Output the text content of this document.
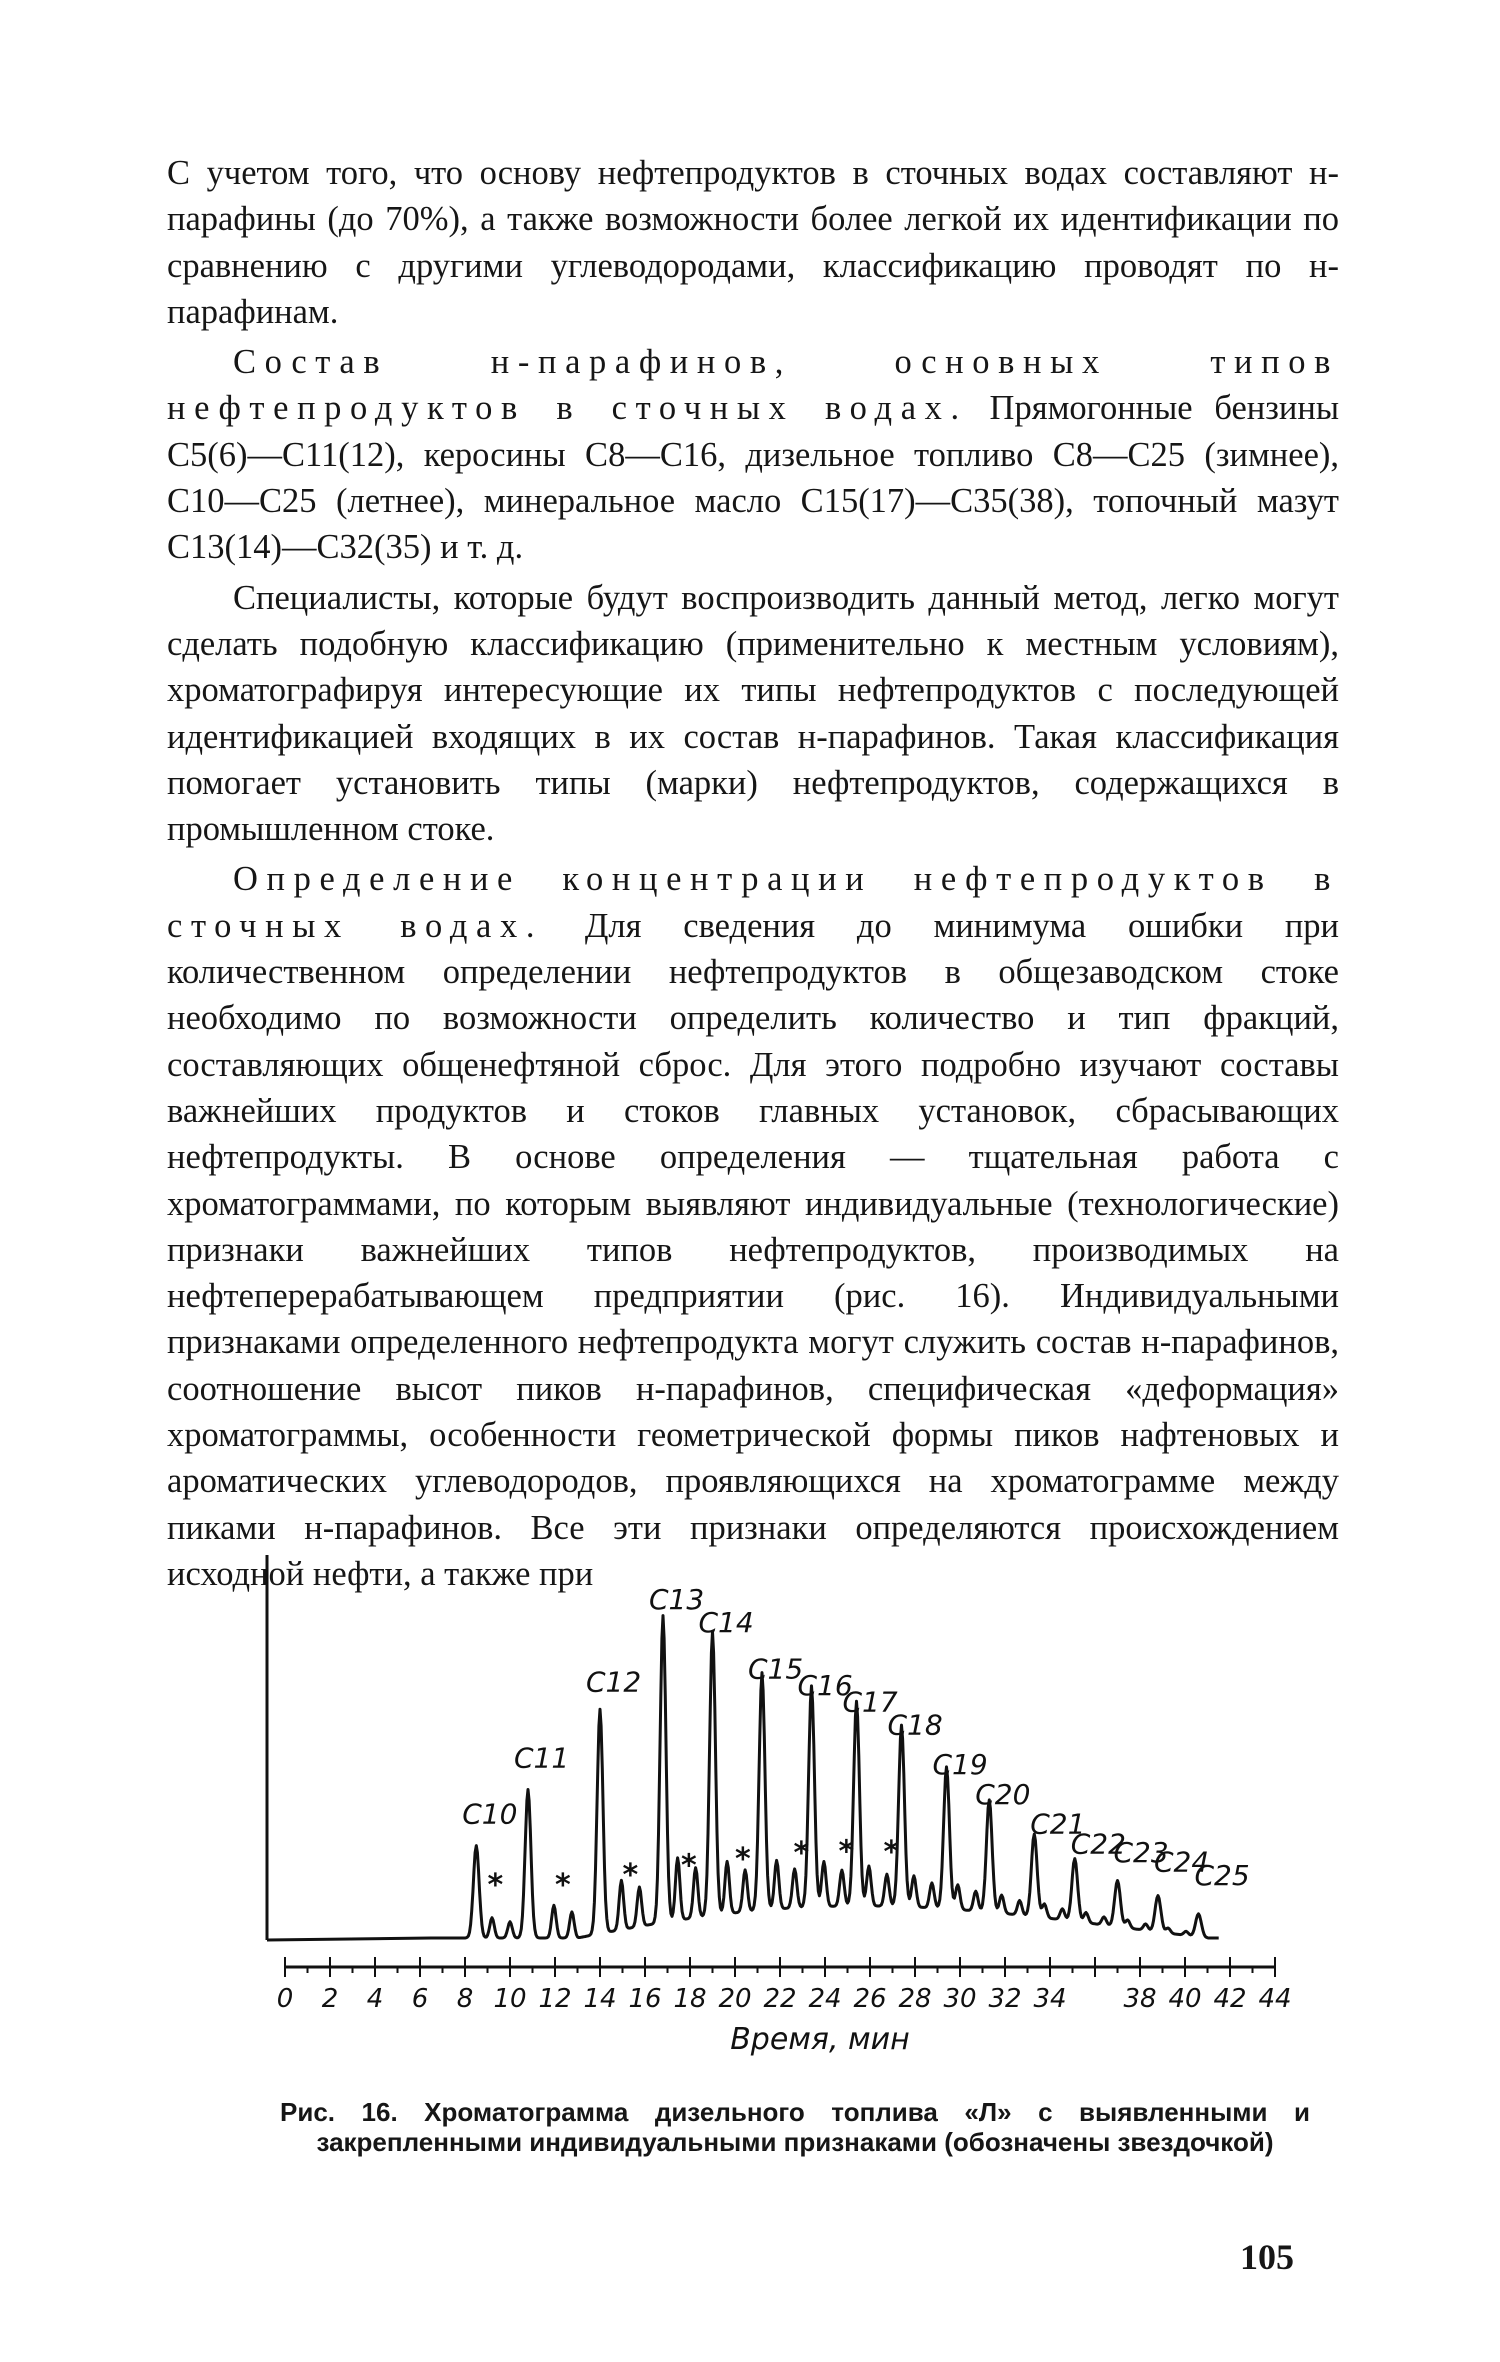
С учетом того, что основу нефтепродуктов в сточных водах составляют н-парафины (до 70%), а также возможности более легкой их идентификации по сравнению с другими углеводородами, классификацию проводят по н-парафинам.

Состав н-парафинов, основных типов нефтепродуктов в сточных водах. Прямогонные бензины C5(6)—C11(12), керосины C8—C16, дизельное топливо C8—C25 (зимнее), C10—C25 (летнее), минеральное масло C15(17)—C35(38), топочный мазут C13(14)—C32(35) и т. д.

Специалисты, которые будут воспроизводить данный метод, легко могут сделать подобную классификацию (применительно к местным условиям), хроматографируя интересующие их типы нефтепродуктов с последующей идентификацией входящих в их состав н-парафинов. Такая классификация помогает установить типы (марки) нефтепродуктов, содержащихся в промышленном стоке.

Определение концентрации нефтепродуктов в сточных водах. Для сведения до минимума ошибки при количественном определении нефтепродуктов в общезаводском стоке необходимо по возможности определить количество и тип фракций, составляющих общенефтяной сброс. Для этого подробно изучают составы важнейших продуктов и стоков главных установок, сбрасывающих нефтепродукты. В основе определения — тщательная работа с хроматограммами, по которым выявляют индивидуальные (технологические) признаки важнейших типов нефтепродуктов, производимых на нефтеперерабатывающем предприятии (рис. 16). Индивидуальными признаками определенного нефтепродукта могут служить состав н-парафинов, соотношение высот пиков н-парафинов, специфическая «деформация» хроматограммы, особенности геометрической формы пиков нафтеновых и ароматических углеводородов, проявляющихся на хроматограмме между пиками н-парафинов. Все эти признаки определяются происхождением исходной нефти, а также при

C10
C11
C12
C13
C14
C15
C16
C17
C18
C19
C20
C21
C22
C23
C24
C25
* * * * * * * *
0 2 4 6 8 10 12 14 16 18 20 22 24 26 28 30 32 34 38 40 42 44
Время, мин
Рис. 16. Хроматограмма дизельного топлива «Л» с выявленными и закрепленными индивидуальными признаками (обозначены звездочкой)
105
